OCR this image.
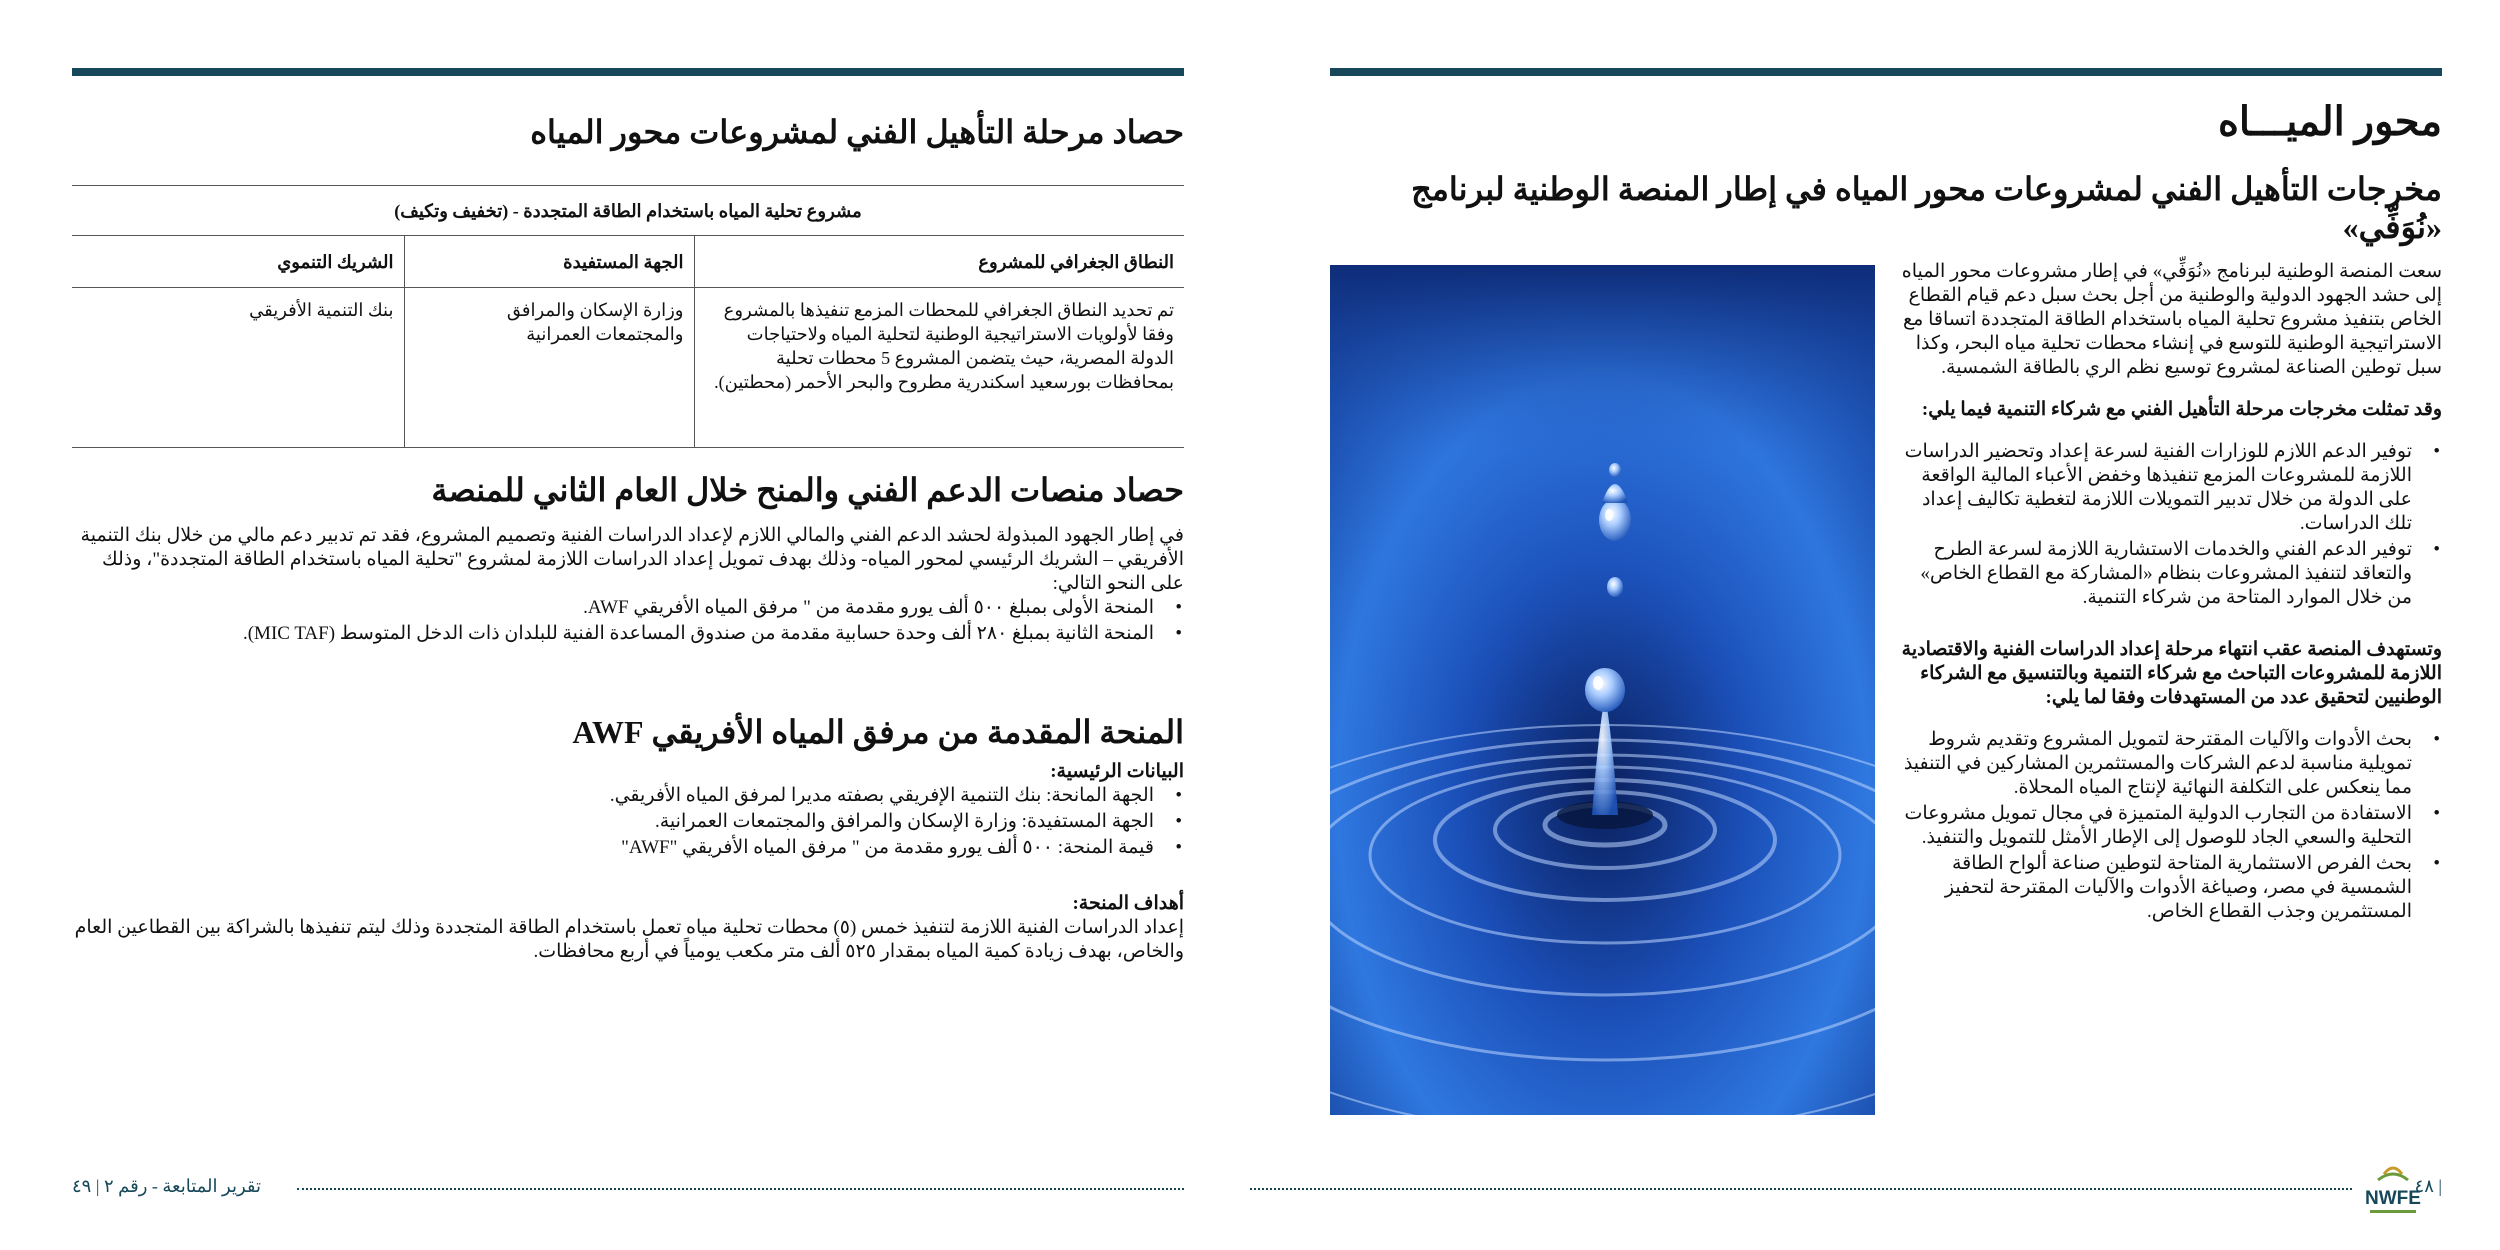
حصاد مرحلة التأهيل الفني لمشروعات محور المياه
مشروع تحلية المياه باستخدام الطاقة المتجددة - (تخفيف وتكيف)		
النطاق الجغرافي للمشروع	الجهة المستفيدة	الشريك التنموي
تم تحديد النطاق الجغرافي للمحطات المزمع تنفيذها بالمشروع وفقا لأولويات الاستراتيجية الوطنية لتحلية المياه ولاحتياجات الدولة المصرية، حيث يتضمن المشروع 5 محطات تحلية بمحافظات بورسعيد اسكندرية مطروح والبحر الأحمر (محطتين).	وزارة الإسكان والمرافق والمجتمعات العمرانية	بنك التنمية الأفريقي
حصاد منصات الدعم الفني والمنح خلال العام الثاني للمنصة

في إطار الجهود المبذولة لحشد الدعم الفني والمالي اللازم لإعداد الدراسات الفنية وتصميم المشروع، فقد تم تدبير دعم مالي من خلال بنك التنمية الأفريقي – الشريك الرئيسي لمحور المياه- وذلك بهدف تمويل إعداد الدراسات اللازمة لمشروع "تحلية المياه باستخدام الطاقة المتجددة"، وذلك على النحو التالي:

• المنحة الأولى بمبلغ ٥٠٠ ألف يورو مقدمة من " مرفق المياه الأفريقي AWF.
• المنحة الثانية بمبلغ ٢٨٠ ألف وحدة حسابية مقدمة من صندوق المساعدة الفنية للبلدان ذات الدخل المتوسط (MIC TAF).
المنحة المقدمة من مرفق المياه الأفريقي AWF
البيانات الرئيسية:
• الجهة المانحة: بنك التنمية الإفريقي بصفته مديرا لمرفق المياه الأفريقي.
• الجهة المستفيدة: وزارة الإسكان والمرافق والمجتمعات العمرانية.
• قيمة المنحة: ٥٠٠ ألف يورو مقدمة من " مرفق المياه الأفريقي "AWF"
أهداف المنحة:

إعداد الدراسات الفنية اللازمة لتنفيذ خمس (٥) محطات تحلية مياه تعمل باستخدام الطاقة المتجددة وذلك ليتم تنفيذها بالشراكة بين القطاعين العام والخاص، بهدف زيادة كمية المياه بمقدار ٥٢٥ ألف متر مكعب يومياً في أربع محافظات.

محور الميـــاه
مخرجات التأهيل الفني لمشروعات محور المياه في إطار المنصة الوطنية لبرنامج «نُوَفِّي»

سعت المنصة الوطنية لبرنامج «نُوَفِّي» في إطار مشروعات محور المياه إلى حشد الجهود الدولية والوطنية من أجل بحث سبل دعم قيام القطاع الخاص بتنفيذ مشروع تحلية المياه باستخدام الطاقة المتجددة اتساقا مع الاستراتيجية الوطنية للتوسع في إنشاء محطات تحلية مياه البحر، وكذا سبل توطين الصناعة لمشروع توسيع نظم الري بالطاقة الشمسية.

وقد تمثلت مخرجات مرحلة التأهيل الفني مع شركاء التنمية فيما يلي:

• توفير الدعم اللازم للوزارات الفنية لسرعة إعداد وتحضير الدراسات اللازمة للمشروعات المزمع تنفيذها وخفض الأعباء المالية الواقعة على الدولة من خلال تدبير التمويلات اللازمة لتغطية تكاليف إعداد تلك الدراسات.
• توفير الدعم الفني والخدمات الاستشارية اللازمة لسرعة الطرح والتعاقد لتنفيذ المشروعات بنظام «المشاركة مع القطاع الخاص» من خلال الموارد المتاحة من شركاء التنمية.

وتستهدف المنصة عقب انتهاء مرحلة إعداد الدراسات الفنية والاقتصادية اللازمة للمشروعات التباحث مع شركاء التنمية وبالتنسيق مع الشركاء الوطنيين لتحقيق عدد من المستهدفات وفقا لما يلي:

• بحث الأدوات والآليات المقترحة لتمويل المشروع وتقديم شروط تمويلية مناسبة لدعم الشركات والمستثمرين المشاركين في التنفيذ مما ينعكس على التكلفة النهائية لإنتاج المياه المحلاة.
• الاستفادة من التجارب الدولية المتميزة في مجال تمويل مشروعات التحلية والسعي الجاد للوصول إلى الإطار الأمثل للتمويل والتنفيذ.
• بحث الفرص الاستثمارية المتاحة لتوطين صناعة ألواح الطاقة الشمسية في مصر، وصياغة الأدوات والآليات المقترحة لتحفيز المستثمرين وجذب القطاع الخاص.
تقرير المتابعة - رقم ٢ | ٤٩
NWFE
٤٨ |
